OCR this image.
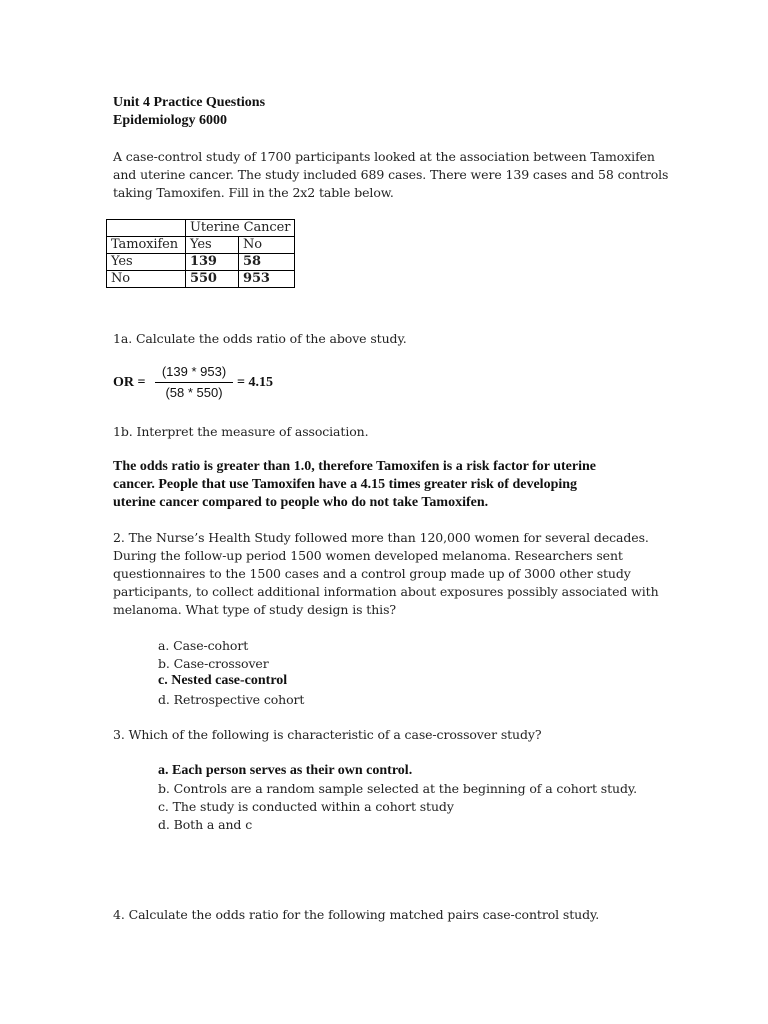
Unit 4 Practice Questions
Epidemiology 6000
A case-control study of 1700 participants looked at the association between Tamoxifen
and uterine cancer. The study included 689 cases. There were 139 cases and 58 controls
taking Tamoxifen. Fill in the 2x2 table below.
	Uterine Cancer	
Tamoxifen	Yes	No
Yes	139	58
No	550	953
1a. Calculate the odds ratio of the above study.
OR =
(139 * 953)
(58 * 550)
= 4.15
1b. Interpret the measure of association.
The odds ratio is greater than 1.0, therefore Tamoxifen is a risk factor for uterine
cancer. People that use Tamoxifen have a 4.15 times greater risk of developing
uterine cancer compared to people who do not take Tamoxifen.
2. The Nurse’s Health Study followed more than 120,000 women for several decades.
During the follow-up period 1500 women developed melanoma. Researchers sent
questionnaires to the 1500 cases and a control group made up of 3000 other study
participants, to collect additional information about exposures possibly associated with
melanoma. What type of study design is this?
a. Case-cohort
b. Case-crossover
c. Nested case-control
d. Retrospective cohort
3. Which of the following is characteristic of a case-crossover study?
a. Each person serves as their own control.
b. Controls are a random sample selected at the beginning of a cohort study.
c. The study is conducted within a cohort study
d. Both a and c
4. Calculate the odds ratio for the following matched pairs case-control study.
